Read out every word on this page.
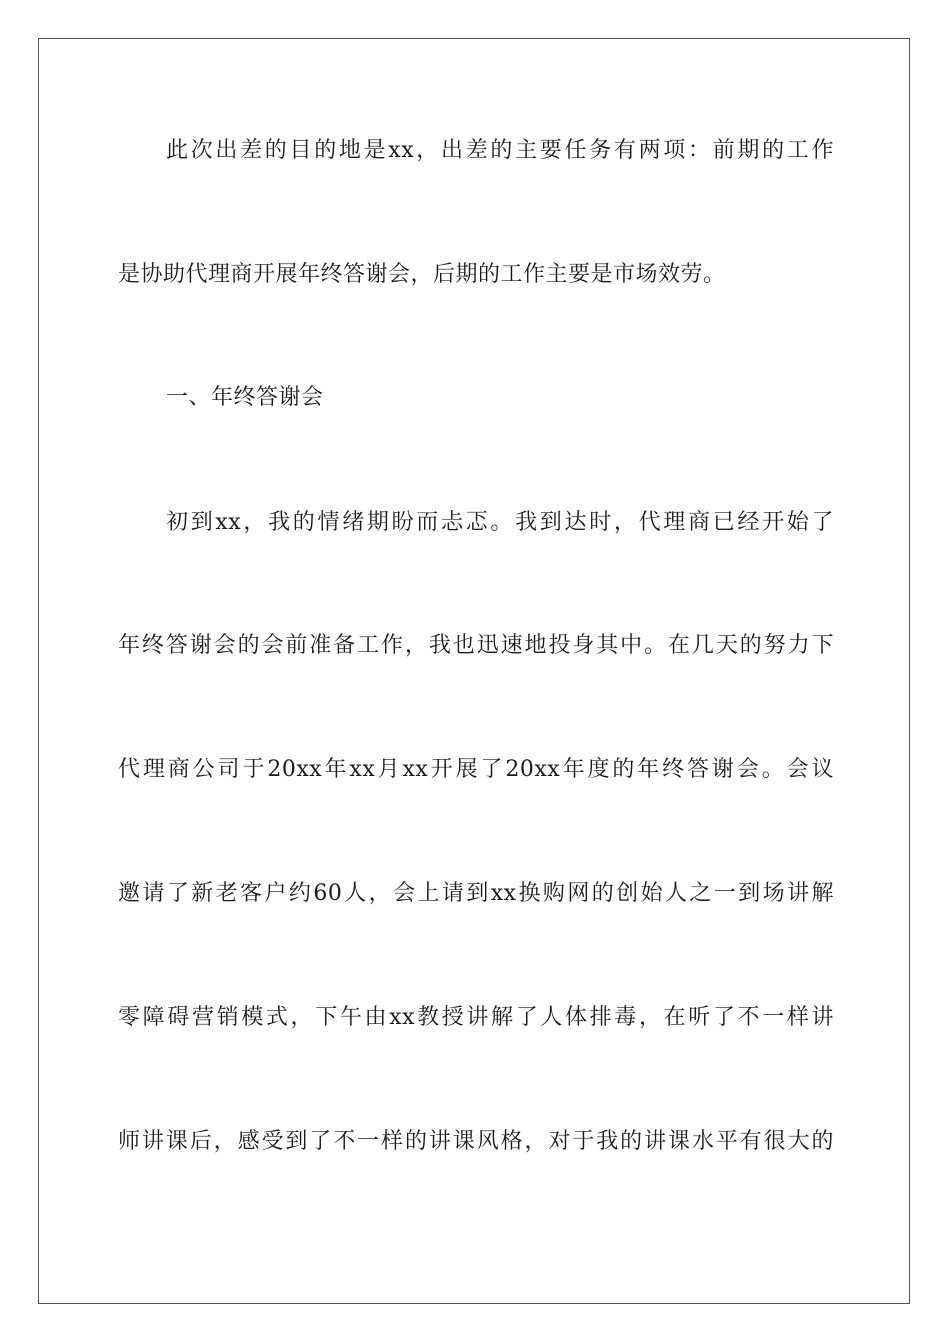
此次出差的目的地是xx，出差的主要任务有两项：前期的工作
是协助代理商开展年终答谢会，后期的工作主要是市场效劳。
一、年终答谢会
初到xx，我的情绪期盼而忐忑。我到达时，代理商已经开始了
年终答谢会的会前准备工作，我也迅速地投身其中。在几天的努力下
代理商公司于20xx年xx月xx开展了20xx年度的年终答谢会。会议
邀请了新老客户约60人，会上请到xx换购网的创始人之一到场讲解
零障碍营销模式，下午由xx教授讲解了人体排毒，在听了不一样讲
师讲课后，感受到了不一样的讲课风格，对于我的讲课水平有很大的
